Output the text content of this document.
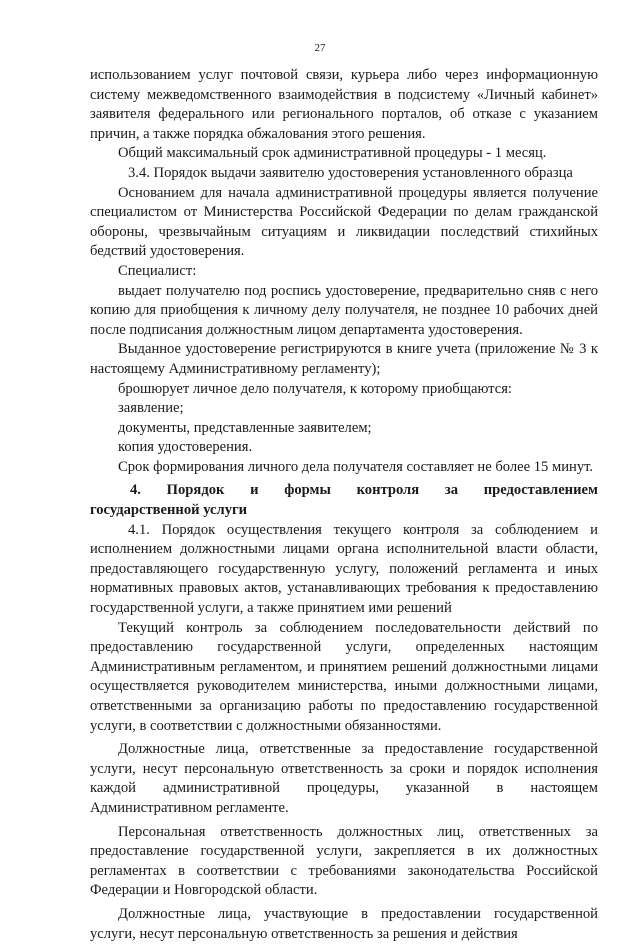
27

использованием услуг почтовой связи, курьера либо через информационную систему межведомственного взаимодействия в подсистему «Личный кабинет» заявителя федерального или регионального порталов, об отказе с указанием причин, а также порядка обжалования этого решения.

Общий максимальный срок административной процедуры - 1 месяц.

3.4. Порядок выдачи заявителю удостоверения установленного образца

Основанием для начала административной процедуры является получение специалистом от Министерства Российской Федерации по делам гражданской обороны, чрезвычайным ситуациям и ликвидации последствий стихийных бедствий удостоверения.

Специалист:

выдает получателю под роспись удостоверение, предварительно сняв с него копию для приобщения к личному делу получателя, не позднее 10 рабочих дней после подписания должностным лицом департамента удостоверения.

Выданное удостоверение регистрируются в книге учета (приложение № 3 к настоящему Административному регламенту);

брошюрует личное дело получателя, к которому приобщаются:

заявление;

документы, представленные заявителем;

копия удостоверения.

Срок формирования личного дела получателя составляет не более 15 минут.

4. Порядок и формы контроля за предоставлением
государственной услуги

4.1. Порядок осуществления текущего контроля за соблюдением и исполнением должностными лицами органа исполнительной власти области, предоставляющего государственную услугу, положений регламента и иных нормативных правовых актов, устанавливающих требования к предоставлению государственной услуги, а также принятием ими решений

Текущий контроль за соблюдением последовательности действий по предоставлению государственной услуги, определенных настоящим Административным регламентом, и принятием решений должностными лицами осуществляется руководителем министерства, иными должностными лицами, ответственными за организацию работы по предоставлению государственной услуги, в соответствии с должностными обязанностями.

Должностные лица, ответственные за предоставление государственной услуги, несут персональную ответственность за сроки и порядок исполнения каждой административной процедуры, указанной в настоящем Административном регламенте.

Персональная ответственность должностных лиц, ответственных за предоставление государственной услуги, закрепляется в их должностных регламентах в соответствии с требованиями законодательства Российской Федерации и Новгородской области.

Должностные лица, участвующие в предоставлении государственной услуги, несут персональную ответственность за решения и действия
